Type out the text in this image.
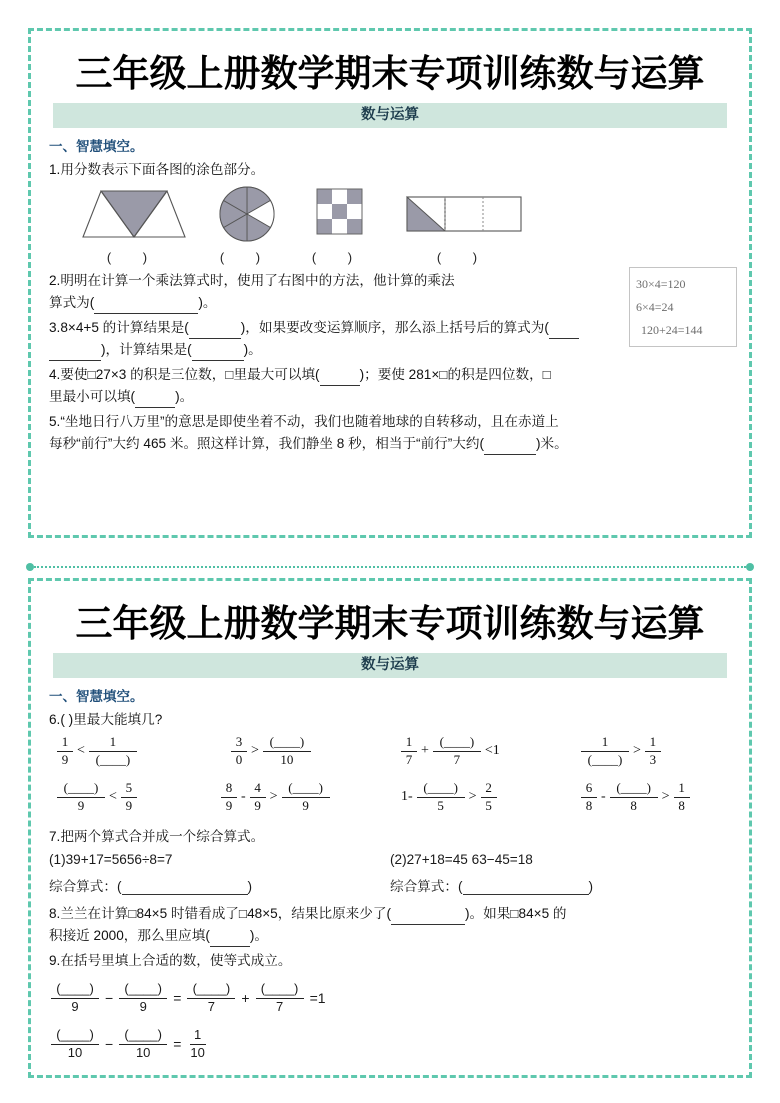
三年级上册数学期末专项训练数与运算
数与运算
一、智慧填空。
1.用分数表示下面各图的涂色部分。
( )	( )	( )	( )
30×4=120
6×4=24
120+24=144
2.明明在计算一个乘法算式时，使用了右图中的方法，他计算的乘法
算式为(	)。
3.8×4+5 的计算结果是(	)，如果要改变运算顺序，那么添上括号后的算式为(
)，计算结果是(	)。
4.要使□27×3 的积是三位数，□里最大可以填(	)；要使 281×□的积是四位数，□
里最小可以填(	)。
5.“坐地日行八万里”的意思是即使坐着不动，我们也随着地球的自转移动，且在赤道上
每秒“前行”大约 465 米。照这样计算，我们静坐 8 秒，相当于“前行”大约(	)米。
三年级上册数学期末专项训练数与运算
数与运算
一、智慧填空。
6.( )里最大能填几?
$\frac{1}{9} < \frac{1}{(\_\_\_\_)}$	$\frac{3}{0} > \frac{(\_\_\_\_)}{10}$	$\frac{1}{7} + \frac{(\_\_\_\_)}{7} <1$	$\frac{1}{(\_\_\_\_)} > \frac{1}{3}$
$\frac{(\_\_\_\_)}{9} < \frac{5}{9}$	$\frac{8}{9} - \frac{4}{9} > \frac{(\_\_\_\_)}{9}$	$1- \frac{(\_\_\_\_)}{5} > \frac{2}{5}$	$\frac{6}{8} - \frac{(\_\_\_\_)}{8} > \frac{1}{8}$
7.把两个算式合并成一个综合算式。
(1)39+17=5656÷8=7	(2)27+18=45 63−45=18
综合算式：(	)	综合算式：(	)
8.兰兰在计算□84×5 时错看成了□48×5，结果比原来少了(	)。如果□84×5 的
积接近 2000，那么里应填(	)。
9.在括号里填上合适的数，使等式成立。
$\frac{(\_\_\_\_)}{9} - \frac{(\_\_\_\_)}{9} = \frac{(\_\_\_\_)}{7} + \frac{(\_\_\_\_)}{7} =1$
$\frac{(\_\_\_\_)}{10} - \frac{(\_\_\_\_)}{10} = \frac{1}{10}$
